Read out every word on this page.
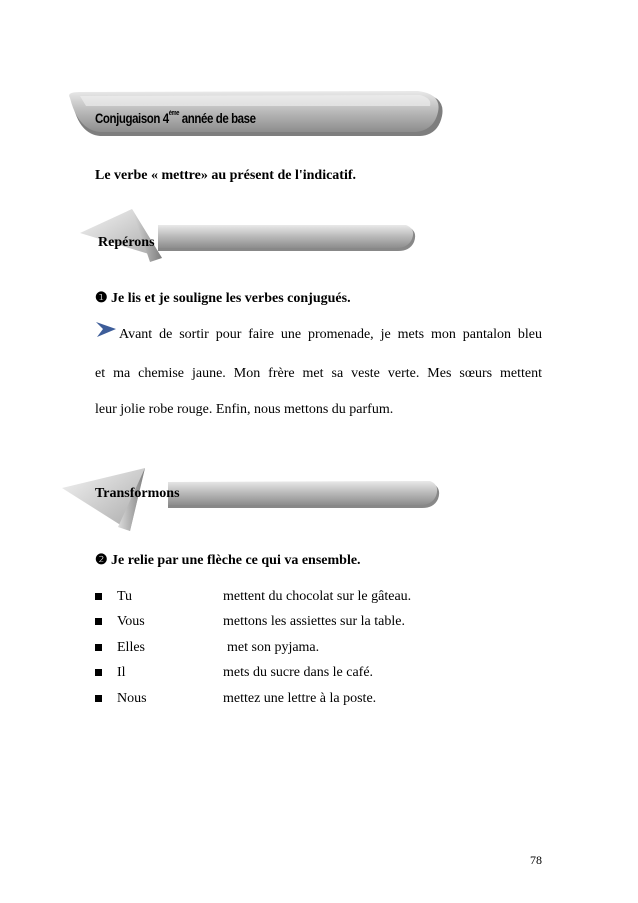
Conjugaison 4ème année de base
Le verbe « mettre» au présent de l'indicatif.
Repérons
❶ Je lis et je souligne les verbes conjugués.
Avant de sortir pour faire une promenade, je mets mon pantalon bleu
et ma chemise jaune. Mon frère met sa veste verte. Mes sœurs mettent
leur jolie robe rouge. Enfin, nous mettons du parfum.
Transformons
❷ Je relie par une flèche ce qui va ensemble.
Tu	mettent du chocolat sur le gâteau.
Vous	mettons les assiettes sur la table.
Elles	met son pyjama.
Il	mets du sucre dans le café.
Nous	mettez une lettre à la poste.
78
